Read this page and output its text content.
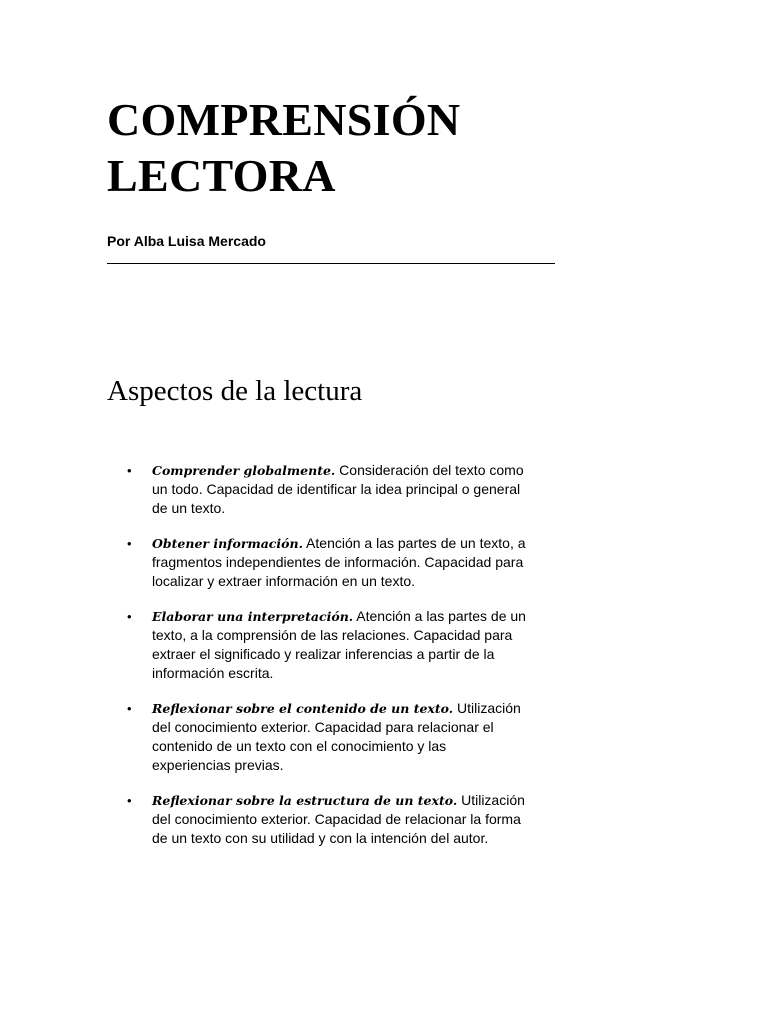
COMPRENSIÓN
LECTORA

Por Alba Luisa Mercado

Aspectos de la lectura
• Comprender globalmente. Consideración del texto como un todo. Capacidad de identificar la idea principal o general de un texto.
• Obtener información. Atención a las partes de un texto, a fragmentos independientes de información. Capacidad para localizar y extraer información en un texto.
• Elaborar una interpretación. Atención a las partes de un texto, a la comprensión de las relaciones. Capacidad para extraer el significado y realizar inferencias a partir de la información escrita.
• Reflexionar sobre el contenido de un texto. Utilización del conocimiento exterior. Capacidad para relacionar el contenido de un texto con el conocimiento y las experiencias previas.
• Reflexionar sobre la estructura de un texto. Utilización del conocimiento exterior. Capacidad de relacionar la forma de un texto con su utilidad y con la intención del autor.
